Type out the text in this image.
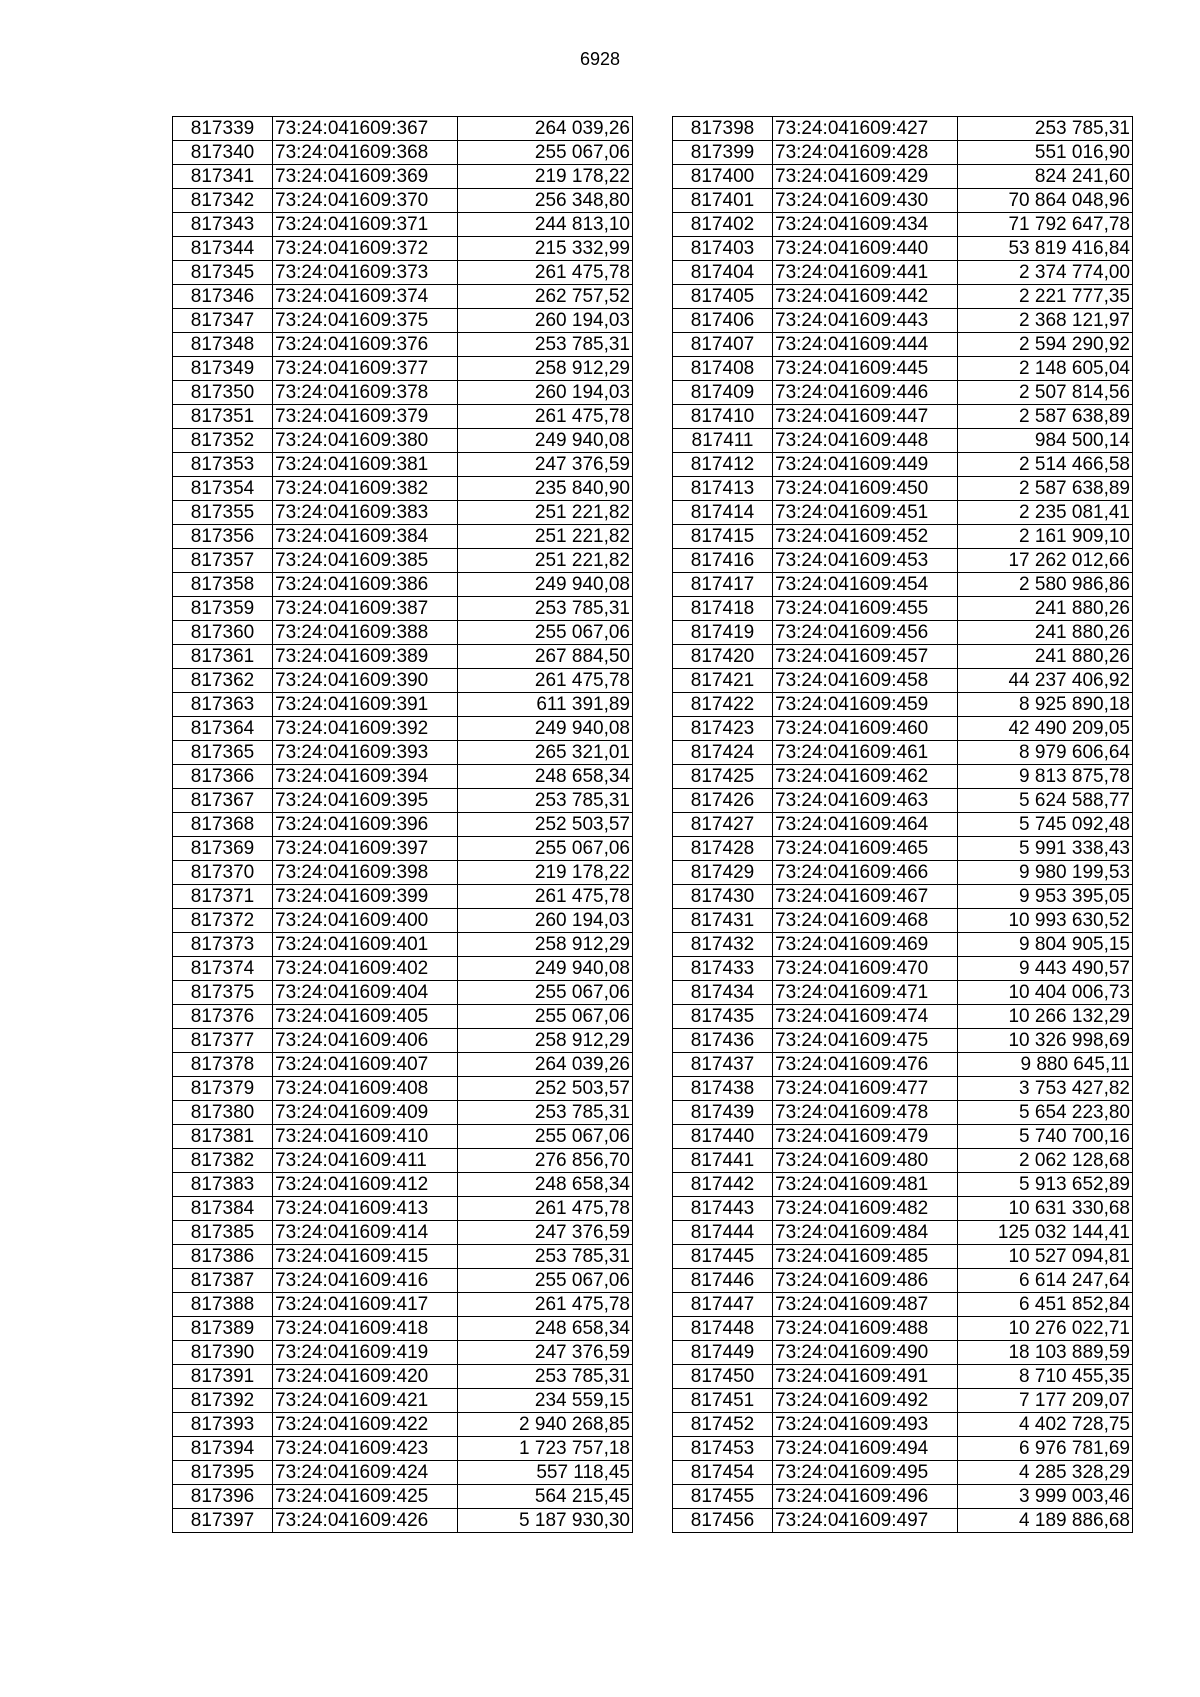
6928
817339	73:24:041609:367	264 039,26
817340	73:24:041609:368	255 067,06
817341	73:24:041609:369	219 178,22
817342	73:24:041609:370	256 348,80
817343	73:24:041609:371	244 813,10
817344	73:24:041609:372	215 332,99
817345	73:24:041609:373	261 475,78
817346	73:24:041609:374	262 757,52
817347	73:24:041609:375	260 194,03
817348	73:24:041609:376	253 785,31
817349	73:24:041609:377	258 912,29
817350	73:24:041609:378	260 194,03
817351	73:24:041609:379	261 475,78
817352	73:24:041609:380	249 940,08
817353	73:24:041609:381	247 376,59
817354	73:24:041609:382	235 840,90
817355	73:24:041609:383	251 221,82
817356	73:24:041609:384	251 221,82
817357	73:24:041609:385	251 221,82
817358	73:24:041609:386	249 940,08
817359	73:24:041609:387	253 785,31
817360	73:24:041609:388	255 067,06
817361	73:24:041609:389	267 884,50
817362	73:24:041609:390	261 475,78
817363	73:24:041609:391	611 391,89
817364	73:24:041609:392	249 940,08
817365	73:24:041609:393	265 321,01
817366	73:24:041609:394	248 658,34
817367	73:24:041609:395	253 785,31
817368	73:24:041609:396	252 503,57
817369	73:24:041609:397	255 067,06
817370	73:24:041609:398	219 178,22
817371	73:24:041609:399	261 475,78
817372	73:24:041609:400	260 194,03
817373	73:24:041609:401	258 912,29
817374	73:24:041609:402	249 940,08
817375	73:24:041609:404	255 067,06
817376	73:24:041609:405	255 067,06
817377	73:24:041609:406	258 912,29
817378	73:24:041609:407	264 039,26
817379	73:24:041609:408	252 503,57
817380	73:24:041609:409	253 785,31
817381	73:24:041609:410	255 067,06
817382	73:24:041609:411	276 856,70
817383	73:24:041609:412	248 658,34
817384	73:24:041609:413	261 475,78
817385	73:24:041609:414	247 376,59
817386	73:24:041609:415	253 785,31
817387	73:24:041609:416	255 067,06
817388	73:24:041609:417	261 475,78
817389	73:24:041609:418	248 658,34
817390	73:24:041609:419	247 376,59
817391	73:24:041609:420	253 785,31
817392	73:24:041609:421	234 559,15
817393	73:24:041609:422	2 940 268,85
817394	73:24:041609:423	1 723 757,18
817395	73:24:041609:424	557 118,45
817396	73:24:041609:425	564 215,45
817397	73:24:041609:426	5 187 930,30
817398	73:24:041609:427	253 785,31
817399	73:24:041609:428	551 016,90
817400	73:24:041609:429	824 241,60
817401	73:24:041609:430	70 864 048,96
817402	73:24:041609:434	71 792 647,78
817403	73:24:041609:440	53 819 416,84
817404	73:24:041609:441	2 374 774,00
817405	73:24:041609:442	2 221 777,35
817406	73:24:041609:443	2 368 121,97
817407	73:24:041609:444	2 594 290,92
817408	73:24:041609:445	2 148 605,04
817409	73:24:041609:446	2 507 814,56
817410	73:24:041609:447	2 587 638,89
817411	73:24:041609:448	984 500,14
817412	73:24:041609:449	2 514 466,58
817413	73:24:041609:450	2 587 638,89
817414	73:24:041609:451	2 235 081,41
817415	73:24:041609:452	2 161 909,10
817416	73:24:041609:453	17 262 012,66
817417	73:24:041609:454	2 580 986,86
817418	73:24:041609:455	241 880,26
817419	73:24:041609:456	241 880,26
817420	73:24:041609:457	241 880,26
817421	73:24:041609:458	44 237 406,92
817422	73:24:041609:459	8 925 890,18
817423	73:24:041609:460	42 490 209,05
817424	73:24:041609:461	8 979 606,64
817425	73:24:041609:462	9 813 875,78
817426	73:24:041609:463	5 624 588,77
817427	73:24:041609:464	5 745 092,48
817428	73:24:041609:465	5 991 338,43
817429	73:24:041609:466	9 980 199,53
817430	73:24:041609:467	9 953 395,05
817431	73:24:041609:468	10 993 630,52
817432	73:24:041609:469	9 804 905,15
817433	73:24:041609:470	9 443 490,57
817434	73:24:041609:471	10 404 006,73
817435	73:24:041609:474	10 266 132,29
817436	73:24:041609:475	10 326 998,69
817437	73:24:041609:476	9 880 645,11
817438	73:24:041609:477	3 753 427,82
817439	73:24:041609:478	5 654 223,80
817440	73:24:041609:479	5 740 700,16
817441	73:24:041609:480	2 062 128,68
817442	73:24:041609:481	5 913 652,89
817443	73:24:041609:482	10 631 330,68
817444	73:24:041609:484	125 032 144,41
817445	73:24:041609:485	10 527 094,81
817446	73:24:041609:486	6 614 247,64
817447	73:24:041609:487	6 451 852,84
817448	73:24:041609:488	10 276 022,71
817449	73:24:041609:490	18 103 889,59
817450	73:24:041609:491	8 710 455,35
817451	73:24:041609:492	7 177 209,07
817452	73:24:041609:493	4 402 728,75
817453	73:24:041609:494	6 976 781,69
817454	73:24:041609:495	4 285 328,29
817455	73:24:041609:496	3 999 003,46
817456	73:24:041609:497	4 189 886,68
